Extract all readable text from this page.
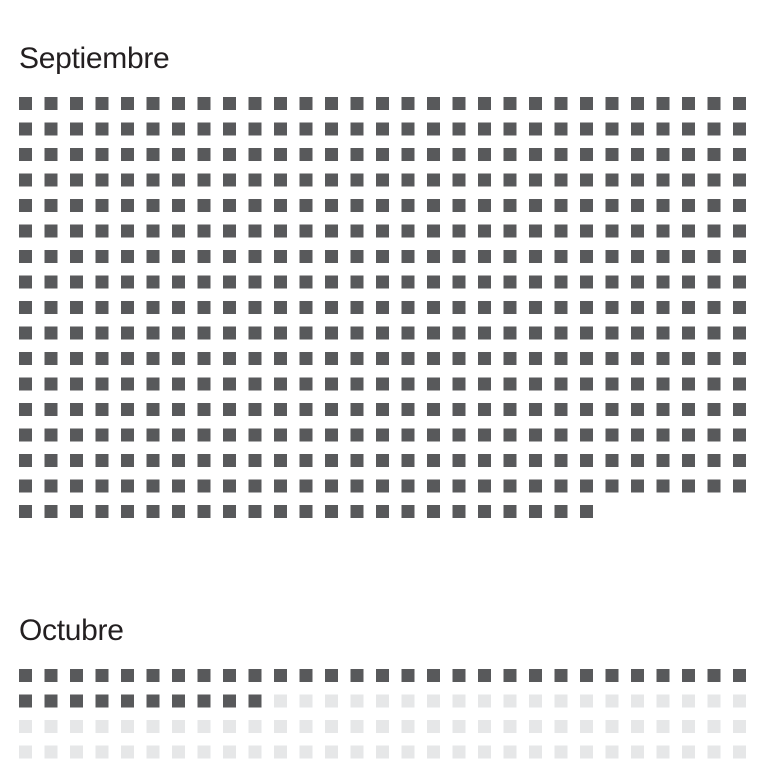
Septiembre
Octubre
